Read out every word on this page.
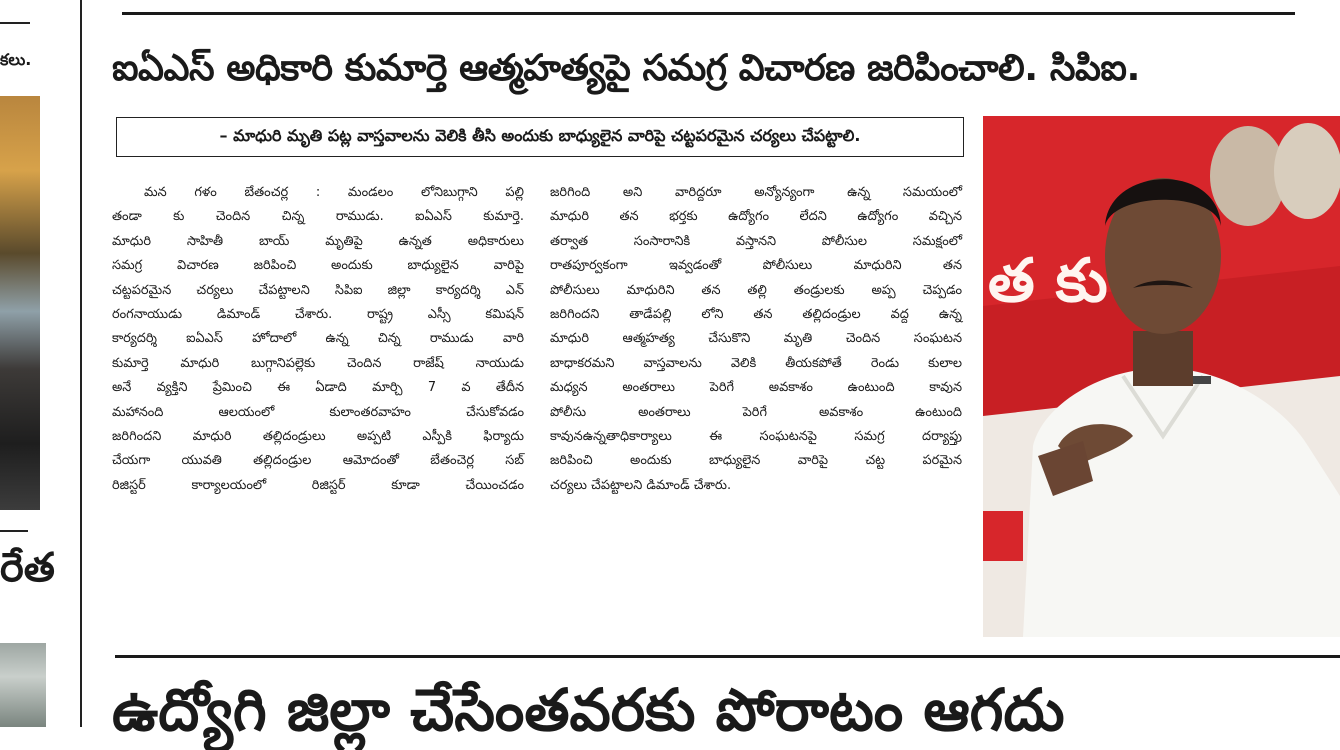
కలు.
రేత
ఐఏఎస్ అధికారి కుమార్తె ఆత్మహత్యపై సమగ్ర విచారణ జరిపించాలి. సిపిఐ.
– మాధురి మృతి పట్ల వాస్తవాలను వెలికి తీసి అందుకు బాధ్యులైన వారిపై చట్టపరమైన చర్యలు చేపట్టాలి.

మన గళం బేతంచర్ల : మండలం లోనిబుగ్గాని పల్లి

తండా కు చెందిన చిన్న రాముడు. ఐఏఎస్ కుమార్తె.

మాధురి సాహితీ బాయ్ మృతిపై ఉన్నత అధికారులు

సమగ్ర విచారణ జరిపించి అందుకు బాధ్యులైన వారిపై

చట్టపరమైన చర్యలు చేపట్టాలని సిపిఐ జిల్లా కార్యదర్శి ఎన్

రంగనాయుడు డిమాండ్ చేశారు. రాష్ట్ర ఎస్సీ కమిషన్

కార్యదర్శి ఐఏఎస్ హోదాలో ఉన్న చిన్న రాముడు వారి

కుమార్తె మాధురి బుగ్గానిపల్లెకు చెందిన రాజేష్ నాయుడు

అనే వ్యక్తిని ప్రేమించి ఈ ఏడాది మార్చి 7 వ తేదీన

మహానంది ఆలయంలో కులాంతరవాహం చేసుకోవడం

జరిగిందని మాధురి తల్లిదండ్రులు అప్పటి ఎస్పీకి ఫిర్యాదు

చేయగా యువతి తల్లిదండ్రుల ఆమోదంతో బేతంచెర్ల సబ్

రిజిస్టర్ కార్యాలయంలో రిజిస్టర్ కూడా చేయించడం

జరిగింది అని వారిద్దరూ అన్యోన్యంగా ఉన్న సమయంలో

మాధురి తన భర్తకు ఉద్యోగం లేదని ఉద్యోగం వచ్చిన

తర్వాత సంసారానికి వస్తానని పోలీసుల సమక్షంలో

రాతపూర్వకంగా ఇవ్వడంతో పోలీసులు మాధురిని తన

పోలీసులు మాధురిని తన తల్లి తండ్రులకు అప్ప చెప్పడం

జరిగిందని తాడేపల్లి లోని తన తల్లిదండ్రుల వద్ద ఉన్న

మాధురి ఆత్మహత్య చేసుకొని మృతి చెందిన సంఘటన

బాధాకరమని వాస్తవాలను వెలికి తీయకపోతే రెండు కులాల

మధ్యన అంతరాలు పెరిగే అవకాశం ఉంటుంది కావున

పోలీసు అంతరాలు పెరిగే అవకాశం ఉంటుంది

కావునఉన్నతాధికార్యాలు ఈ సంఘటనపై సమగ్ర దర్యాప్తు

జరిపించి అందుకు బాధ్యులైన వారిపై చట్ట పరమైన

చర్యలు చేపట్టాలని డిమాండ్ చేశారు.

త కు
ఉద్యోగి జిల్లా చేసేంతవరకు పోరాటం ఆగదు
